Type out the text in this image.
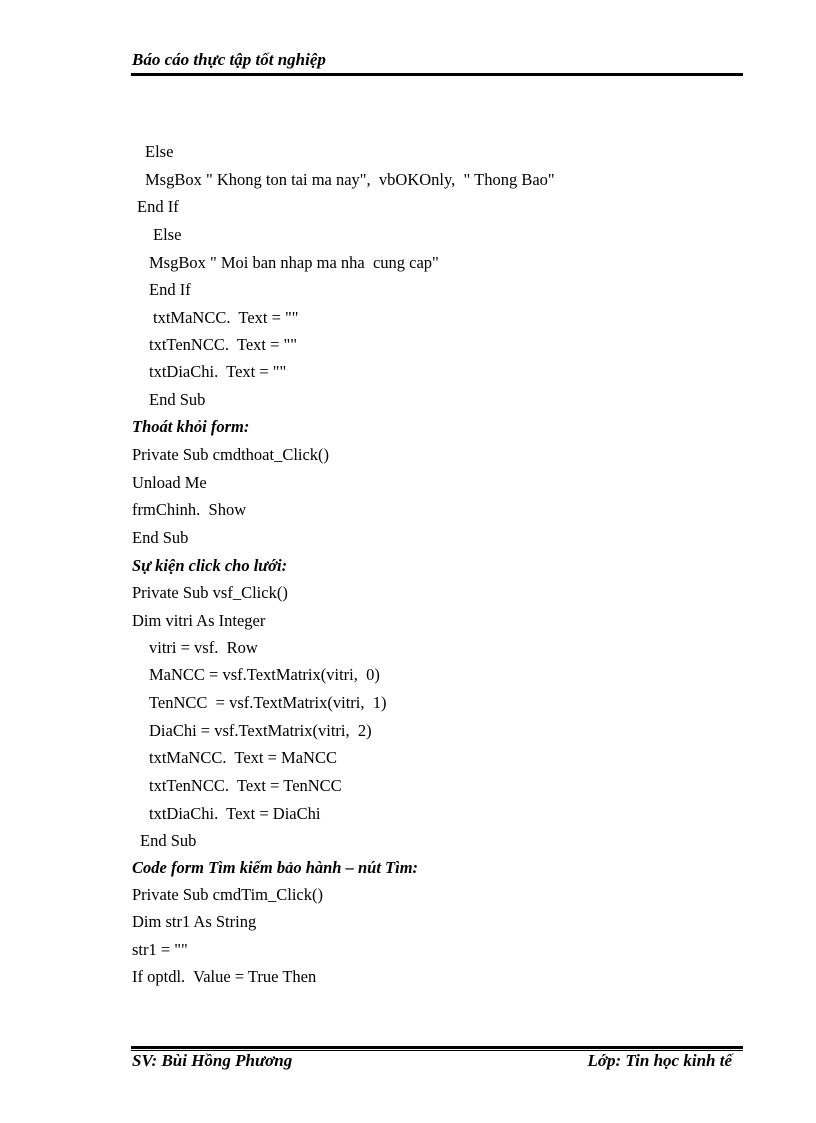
Báo cáo thực tập tốt nghiệp
Else
MsgBox " Khong ton tai ma nay",  vbOKOnly,  " Thong Bao"
End If
Else
MsgBox " Moi ban nhap ma nha  cung cap"
End If
txtMaNCC.  Text = ""
txtTenNCC.  Text = ""
txtDiaChi.  Text = ""
End Sub
Thoát khỏi form:
Private Sub cmdthoat_Click()
Unload Me
frmChinh.  Show
End Sub
Sự kiện click cho lưới:
Private Sub vsf_Click()
Dim vitri As Integer
vitri = vsf.  Row
MaNCC = vsf.TextMatrix(vitri,  0)
TenNCC  = vsf.TextMatrix(vitri,  1)
DiaChi = vsf.TextMatrix(vitri,  2)
txtMaNCC.  Text = MaNCC
txtTenNCC.  Text = TenNCC
txtDiaChi.  Text = DiaChi
End Sub
Code form Tìm kiếm bảo hành – nút Tìm:
Private Sub cmdTim_Click()
Dim str1 As String
str1 = ""
If optdl.  Value = True Then
SV: Bùi Hồng Phương	Lớp: Tin học kinh tế
